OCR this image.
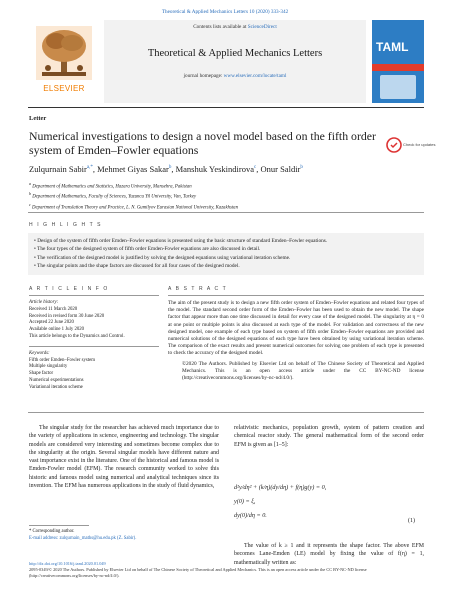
Theoretical & Applied Mechanics Letters 10 (2020) 333-342
ELSEVIER
Contents lists available at ScienceDirect
Theoretical & Applied Mechanics Letters
journal homepage: www.elsevier.com/locate/taml
TAML
Letter
Numerical investigations to design a novel model based on the fifth order system of Emden–Fowler equations	Check for updates
Zulqurnain Sabir$^{a,*}$, Mehmet Giyas Sakar$^b$, Manshuk Yeskindirova$^c$, Onur Saldir$^b$
$^a$ Department of Mathematics and Statistics, Hazara University, Mansehra, Pakistan
$^b$ Department of Mathematics, Faculty of Sciences, Yuzuncu Yil University, Van, Turkey
$^c$ Department of Translation Theory and Practice, L. N. Gumilyov Eurasian National University, Kazakhstan
H I G H L I G H T S
• Design of the system of fifth order Emden–Fowler equations is presented using the basic structure of standard Emden–Fowler equations.
• The four types of the designed system of fifth order Emden-Fowler equations are also discussed in detail.
• The verification of the designed model is justified by solving the designed equations using variational iteration scheme.
• The singular points and the shape factors are discussed for all four cases of the designed model.
A R T I C L E I N F O
Article history:
Received 11 March 2020
Received in revised form 30 June 2020
Accepted 22 June 2020
Available online 1 July 2020
This article belongs to the Dynamics and Control.
Keywords:
Fifth order Emden–Fowler system
Multiple singularity
Shape factor
Numerical experimentations
Variational iteration scheme
A B S T R A C T
The aim of the present study is to design a new fifth order system of Emden–Fowler equations and related four types of the model. The standard second order form of the Emden–Fowler has been used to obtain the new model. The shape factor that appear more than one time discussed in detail for every case of the designed model. The singularity at η = 0 at one point or multiple points is also discussed at each type of the model. For validation and correctness of the new designed model, one example of each type based on system of fifth order Emden–Fowler equations are provided and numerical solutions of the designed equations of each type have been obtained by using variational iteration scheme. The comparison of the exact results and present numerical outcomes for solving one problem of each type is presented to check the accuracy of the designed model.
©2020 The Authors. Published by Elsevier Ltd on behalf of The Chinese Society of Theoretical and Applied Mechanics. This is an open access article under the CC BY-NC-ND license (http://creativecommons.org/licenses/by-nc-nd/4.0/).
The singular study for the researcher has achieved much importance due to the variety of applications in science, engineering and technology. The singular models are considered very interesting and sometimes become complex due to the singularity at the origin. Several singular models have different nature and vast importance exist in the literature. One of the historical and famous model is Emden-Fowler model (EFM). The research community worked to solve this historic and famous model using numerical and analytical techniques since its invention. The EFM has numerous applications in the study of fluid dynamics,
* Corresponding author.
E-mail address: zulqurnain_maths@hu.edu.pk (Z. Sabir).
relativistic mechanics, population growth, system of pattern creation and chemical reactor study. The general mathematical form of the second order EFM is given as [1–5]:
d²y/dη² + (k/η)(dy/dη) + f(η)g(y) = 0,
y(0) = ξ,
dy(0)/dη = 0.
(1)
The value of k ≥ 1 and it represents the shape factor. The above EFM becomes Lane-Emden (LE) model by fixing the value of f(η) = 1, mathematically written as:
http://dx.doi.org/10.1016/j.taml.2020.01.049
2095-0349/© 2020 The Authors. Published by Elsevier Ltd on behalf of The Chinese Society of Theoretical and Applied Mechanics. This is an open access article under the CC BY-NC-ND license (http://creativecommons.org/licenses/by-nc-nd/4.0/).
